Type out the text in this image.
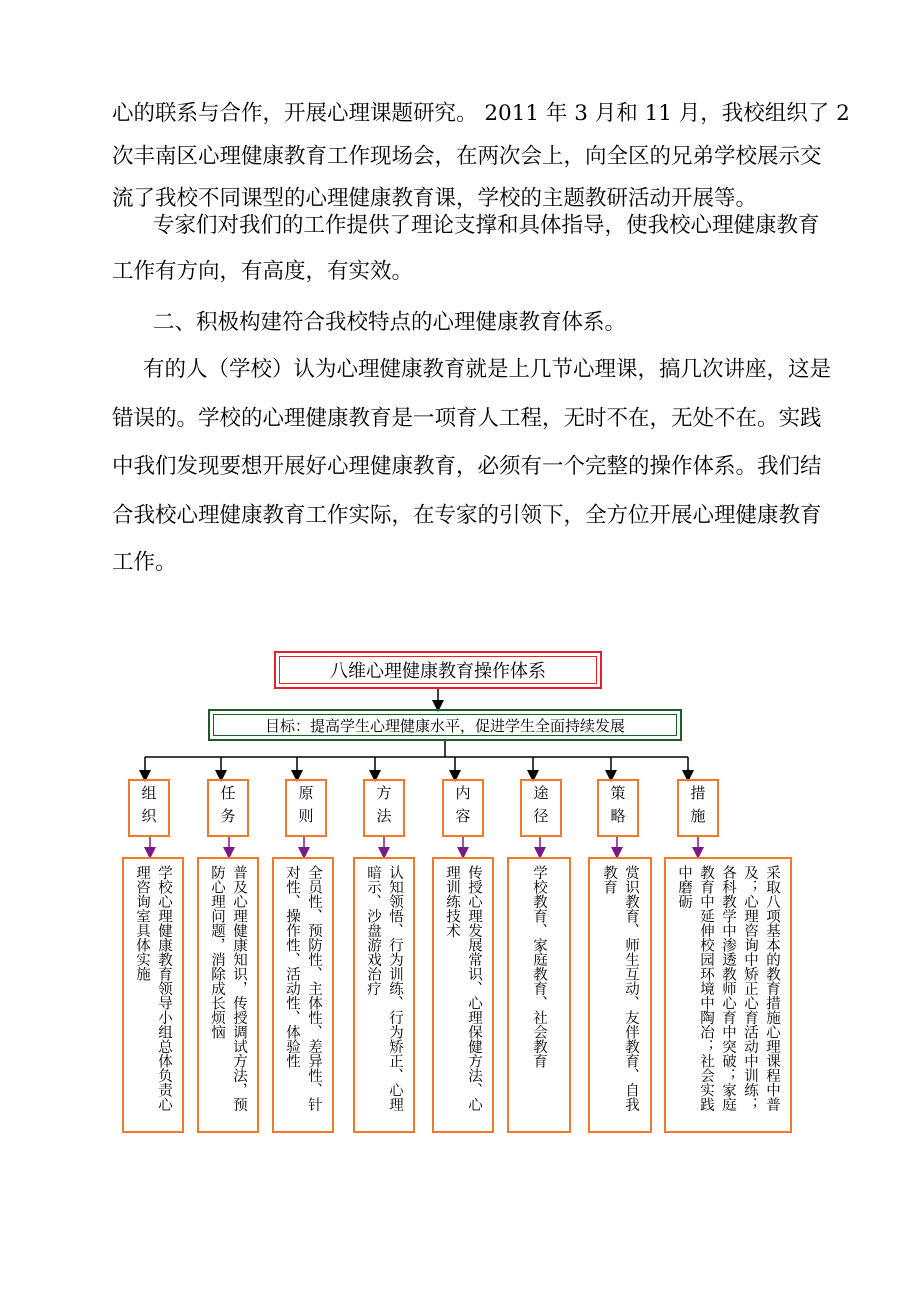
心的联系与合作，开展心理课题研究。 2011 年 3 月和 11 月，我校组织了 2
次丰南区心理健康教育工作现场会，在两次会上，向全区的兄弟学校展示交
流了我校不同课型的心理健康教育课，学校的主题教研活动开展等。
专家们对我们的工作提供了理论支撑和具体指导，使我校心理健康教育
工作有方向，有高度，有实效。
二、积极构建符合我校特点的心理健康教育体系。
有的人（学校）认为心理健康教育就是上几节心理课，搞几次讲座，这是
错误的。学校的心理健康教育是一项育人工程，无时不在，无处不在。实践
中我们发现要想开展好心理健康教育，必须有一个完整的操作体系。我们结
合我校心理健康教育工作实际，在专家的引领下，全方位开展心理健康教育
工作。
八维心理健康教育操作体系
目标：提高学生心理健康水平，促进学生全面持续发展
组织	任务	原则	方法	内容	途径	策略	措施
学校心理健康教育领导小组总体负责心理咨询室具体实施	普及心理健康知识，传授调试方法，预防心理问题，消除成长烦恼	全员性、预防性、主体性、差异性、针对性、操作性、活动性、体验性	认知领悟、行为训练、行为矫正、心理暗示、沙盘游戏治疗	传授心理发展常识、心理保健方法、心理训练技术	学校教育、家庭教育、社会教育	赏识教育、师生互动、友伴教育、自我教育	采取八项基本的教育措施心理课程中普及；心理咨询中矫正心育活动中训练；各科教学中渗透教师心育中突破；家庭教育中延伸校园环境中陶冶；社会实践中磨砺
